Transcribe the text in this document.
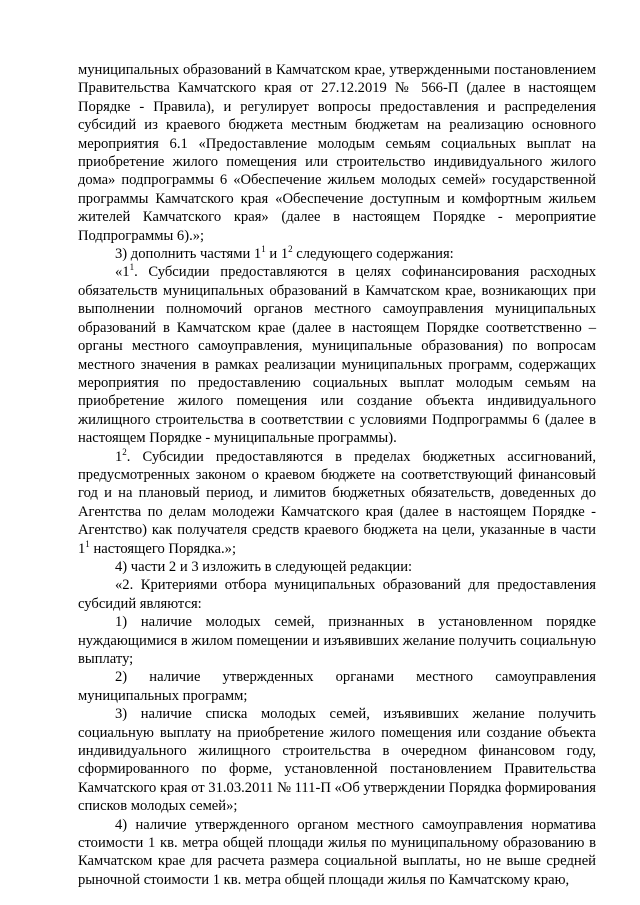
муниципальных образований в Камчатском крае, утвержденными постановлением Правительства Камчатского края от 27.12.2019 № 566-П (далее в настоящем Порядке - Правила), и регулирует вопросы предоставления и распределения субсидий из краевого бюджета местным бюджетам на реализацию основного мероприятия 6.1 «Предоставление молодым семьям социальных выплат на приобретение жилого помещения или строительство индивидуального жилого дома» подпрограммы 6 «Обеспечение жильем молодых семей» государственной программы Камчатского края «Обеспечение доступным и комфортным жильем жителей Камчатского края» (далее в настоящем Порядке - мероприятие Подпрограммы 6).»;

3) дополнить частями $1^1$ и $1^2$ следующего содержания:

«$1^1$. Субсидии предоставляются в целях софинансирования расходных обязательств муниципальных образований в Камчатском крае, возникающих при выполнении полномочий органов местного самоуправления муниципальных образований в Камчатском крае (далее в настоящем Порядке соответственно – органы местного самоуправления, муниципальные образования) по вопросам местного значения в рамках реализации муниципальных программ, содержащих мероприятия по предоставлению социальных выплат молодым семьям на приобретение жилого помещения или создание объекта индивидуального жилищного строительства в соответствии с условиями Подпрограммы 6 (далее в настоящем Порядке - муниципальные программы).

$1^2$. Субсидии предоставляются в пределах бюджетных ассигнований, предусмотренных законом о краевом бюджете на соответствующий финансовый год и на плановый период, и лимитов бюджетных обязательств, доведенных до Агентства по делам молодежи Камчатского края (далее в настоящем Порядке - Агентство) как получателя средств краевого бюджета на цели, указанные в части $1^1$ настоящего Порядка.»;

4) части 2 и 3 изложить в следующей редакции:

«2. Критериями отбора муниципальных образований для предоставления субсидий являются:

1) наличие молодых семей, признанных в установленном порядке нуждающимися в жилом помещении и изъявивших желание получить социальную выплату;

2) наличие утвержденных органами местного самоуправления муниципальных программ;

3) наличие списка молодых семей, изъявивших желание получить социальную выплату на приобретение жилого помещения или создание объекта индивидуального жилищного строительства в очередном финансовом году, сформированного по форме, установленной постановлением Правительства Камчатского края от 31.03.2011 № 111-П «Об утверждении Порядка формирования списков молодых семей»;

4) наличие утвержденного органом местного самоуправления норматива стоимости 1 кв. метра общей площади жилья по муниципальному образованию в Камчатском крае для расчета размера социальной выплаты, но не выше средней рыночной стоимости 1 кв. метра общей площади жилья по Камчатскому краю,
